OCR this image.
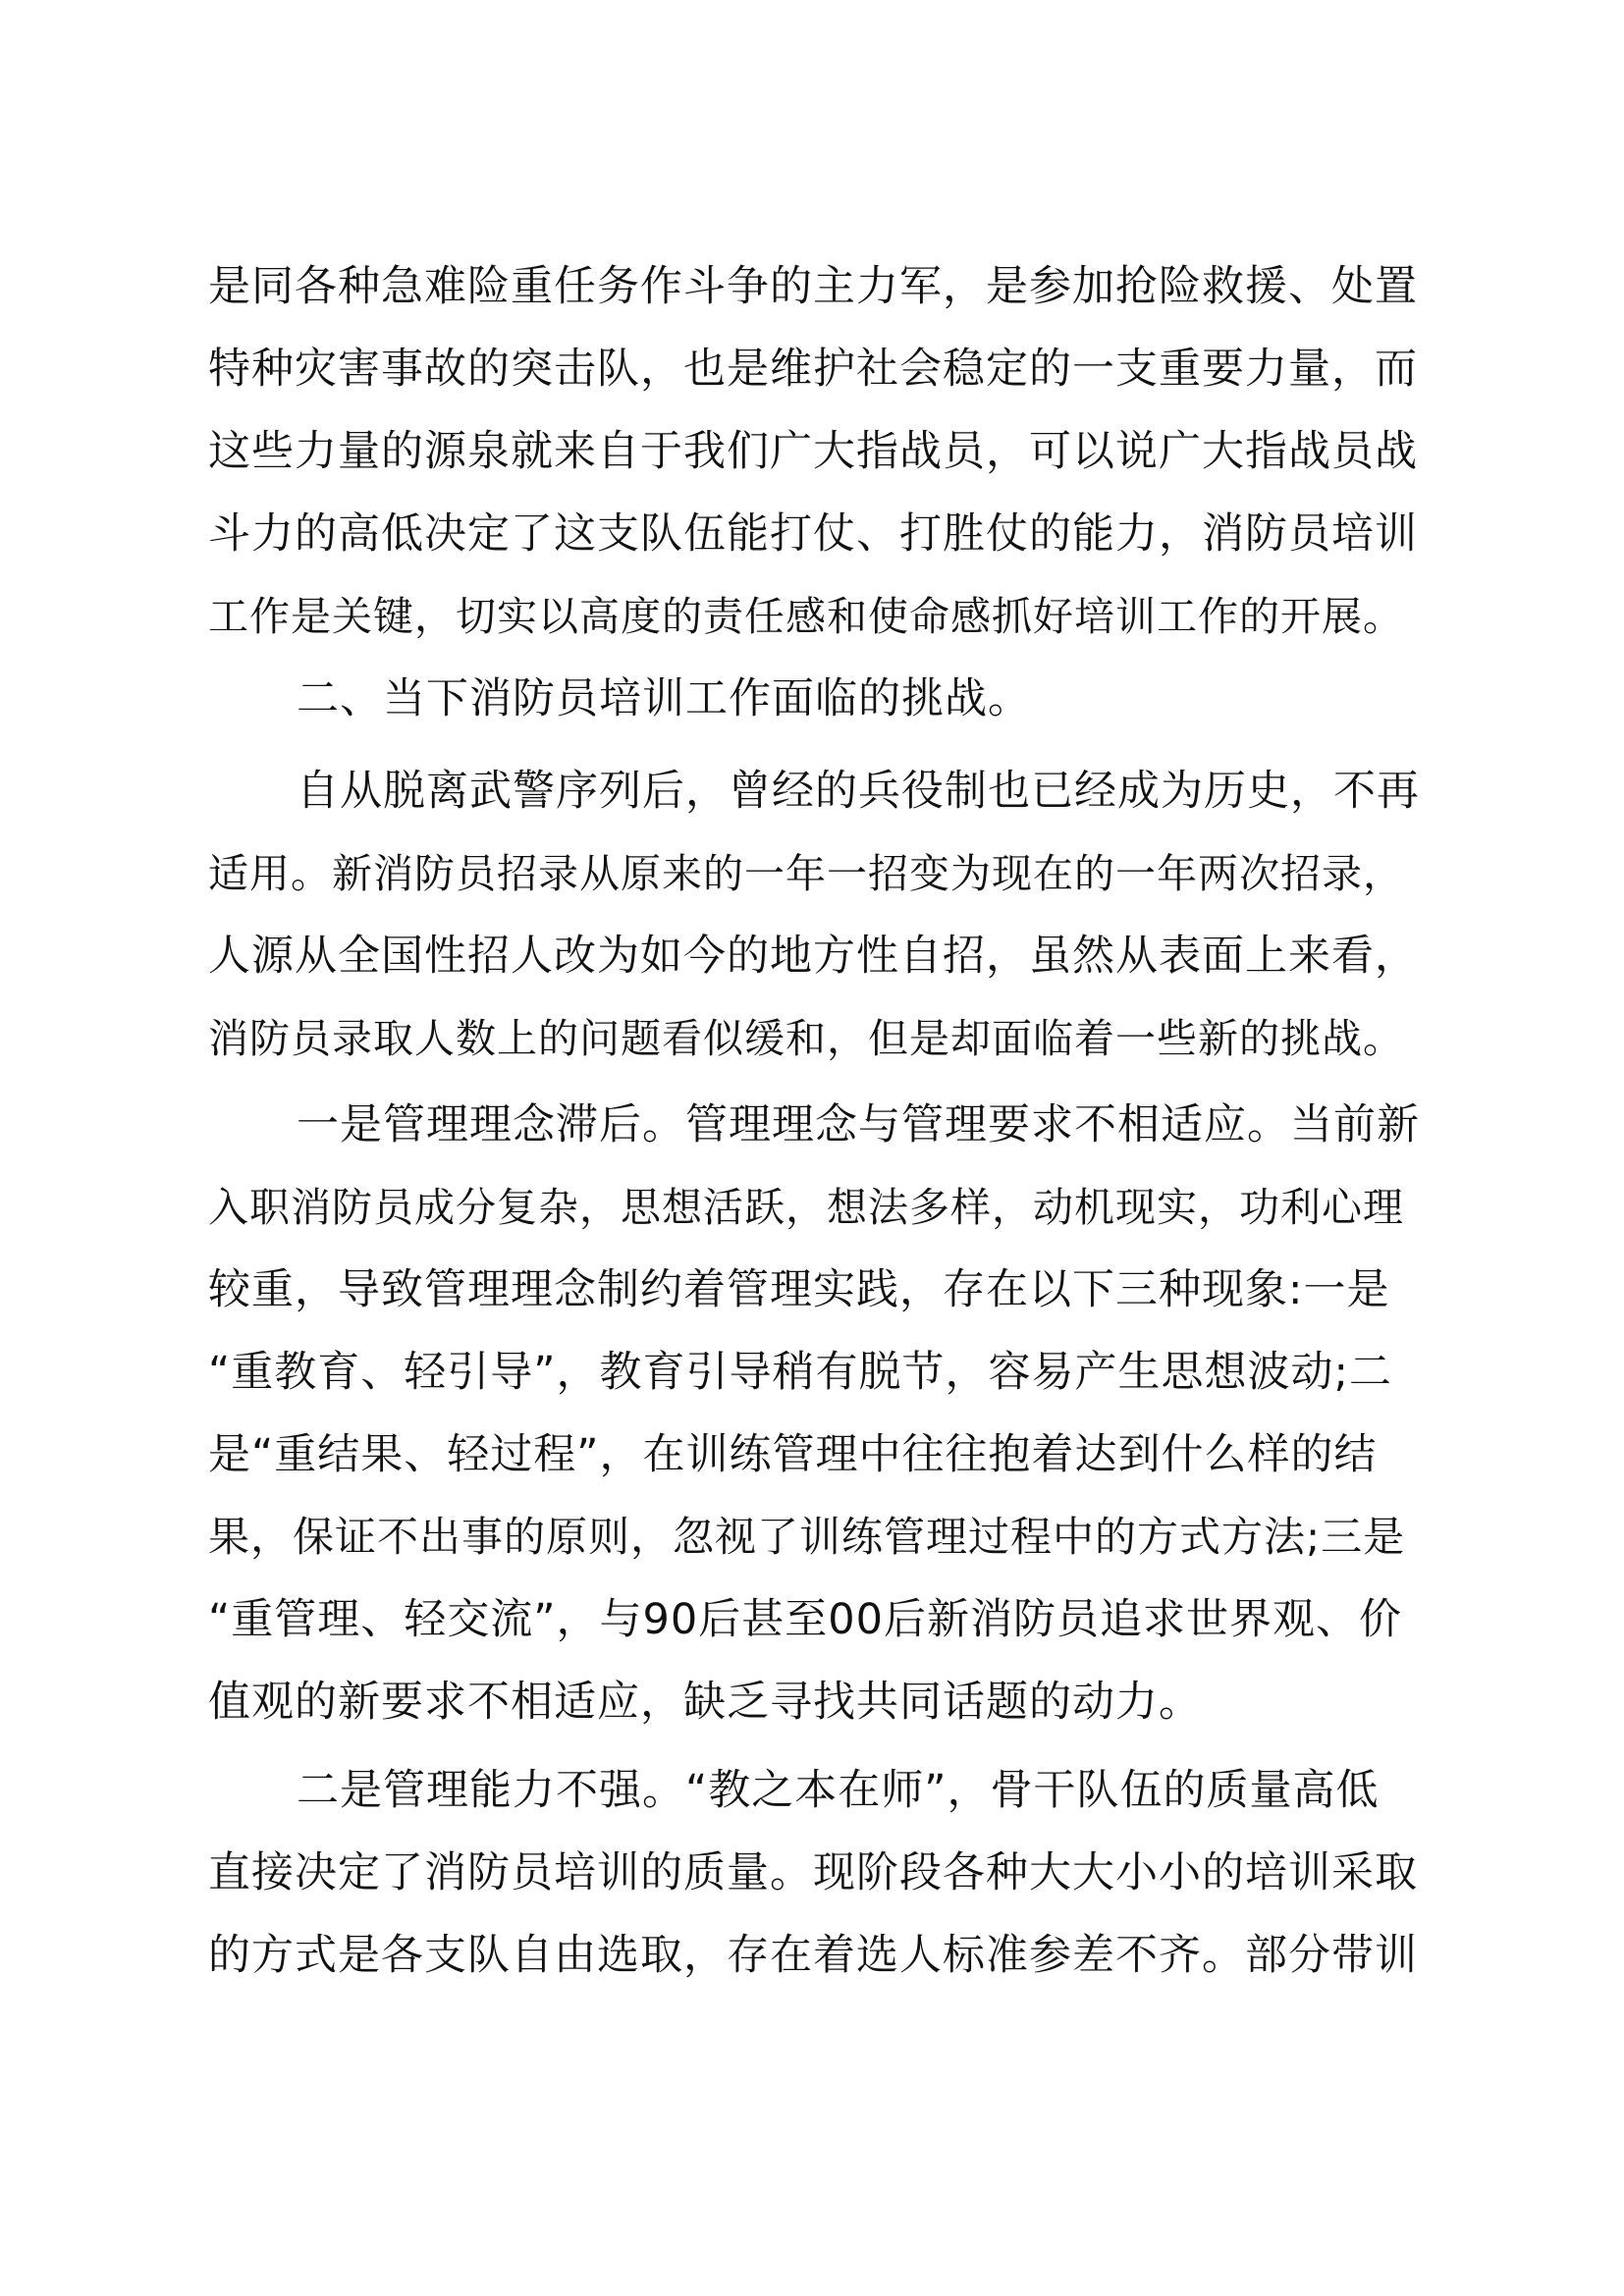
是同各种急难险重任务作斗争的主力军，是参加抢险救援、处置
特种灾害事故的突击队，也是维护社会稳定的一支重要力量，而
这些力量的源泉就来自于我们广大指战员，可以说广大指战员战
斗力的高低决定了这支队伍能打仗、打胜仗的能力，消防员培训
工作是关键，切实以高度的责任感和使命感抓好培训工作的开展。
二、当下消防员培训工作面临的挑战。
自从脱离武警序列后，曾经的兵役制也已经成为历史，不再
适用。新消防员招录从原来的一年一招变为现在的一年两次招录，
人源从全国性招人改为如今的地方性自招，虽然从表面上来看，
消防员录取人数上的问题看似缓和，但是却面临着一些新的挑战。
一是管理理念滞后。管理理念与管理要求不相适应。当前新
入职消防员成分复杂，思想活跃，想法多样，动机现实，功利心理
较重，导致管理理念制约着管理实践，存在以下三种现象:一是
“重教育、轻引导”，教育引导稍有脱节，容易产生思想波动;二
是“重结果、轻过程”，在训练管理中往往抱着达到什么样的结
果，保证不出事的原则，忽视了训练管理过程中的方式方法;三是
“重管理、轻交流”，与90后甚至00后新消防员追求世界观、价
值观的新要求不相适应，缺乏寻找共同话题的动力。
二是管理能力不强。“教之本在师”，骨干队伍的质量高低
直接决定了消防员培训的质量。现阶段各种大大小小的培训采取
的方式是各支队自由选取，存在着选人标准参差不齐。部分带训
